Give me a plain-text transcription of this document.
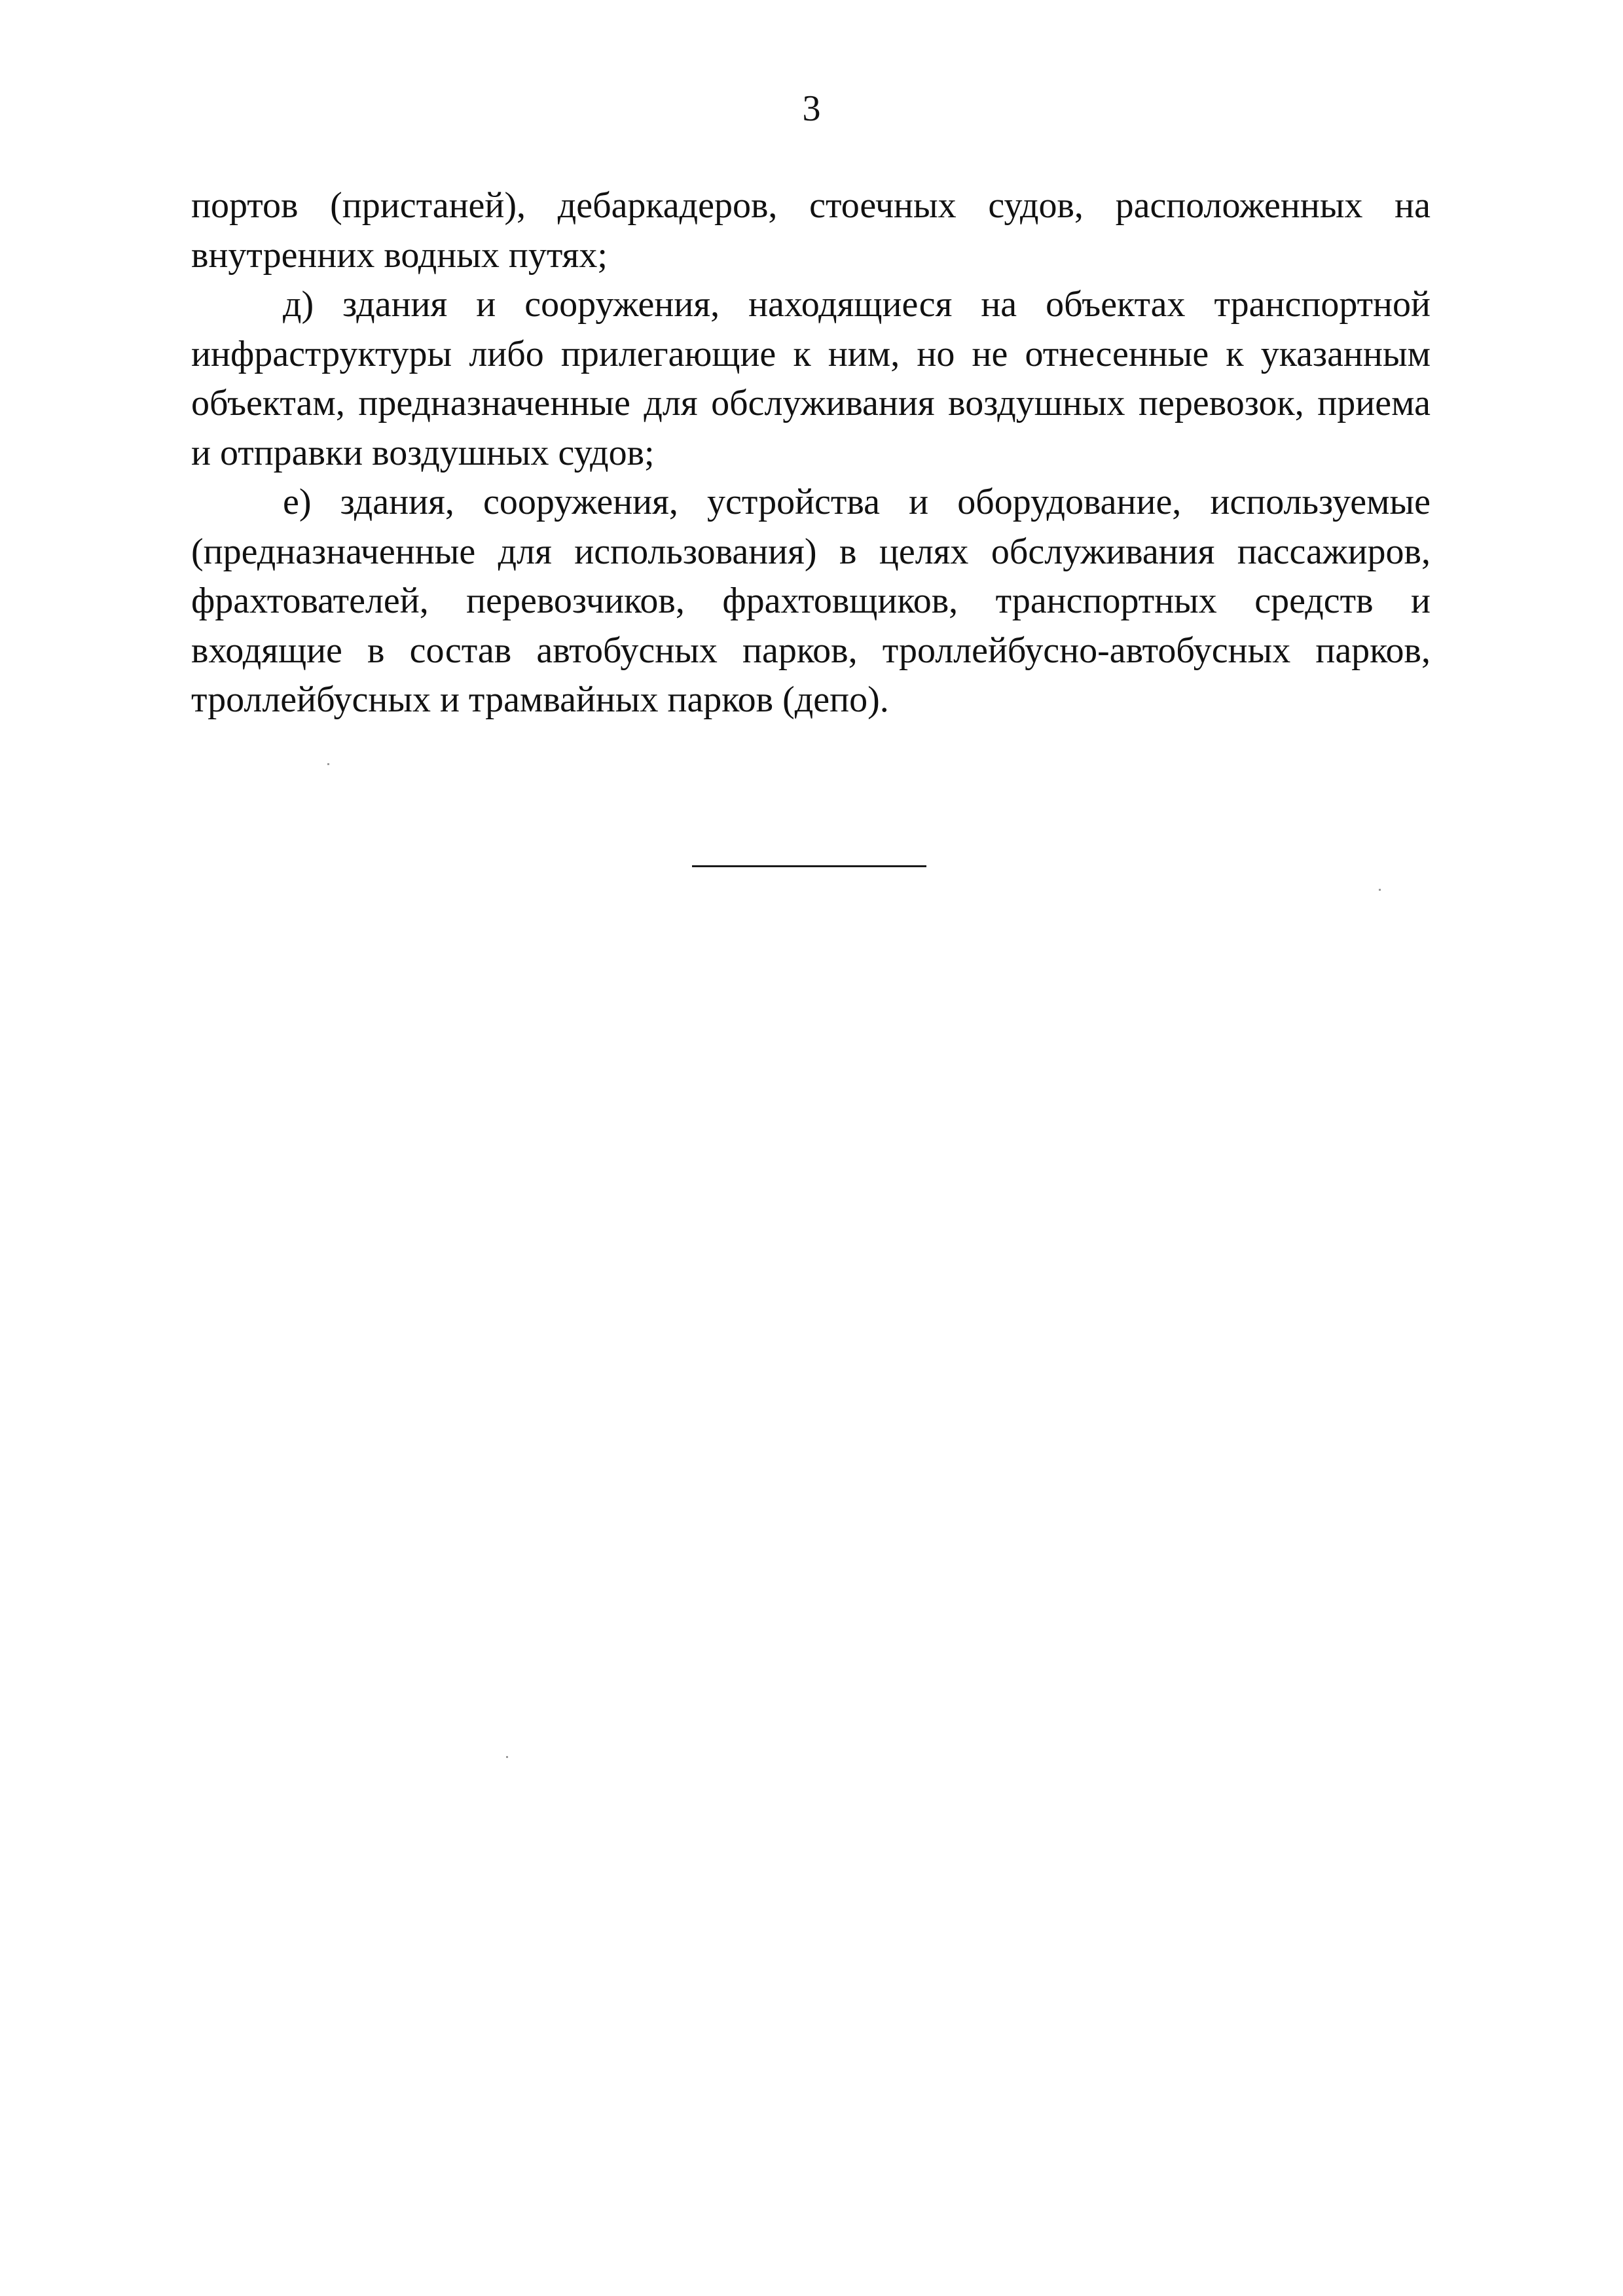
3

портов (пристаней), дебаркадеров, стоечных судов, расположенных на внутренних водных путях;

д) здания и сооружения, находящиеся на объектах транспортной инфраструктуры либо прилегающие к ним, но не отнесенные к указанным объектам, предназначенные для обслуживания воздушных перевозок, приема и отправки воздушных судов;

е) здания, сооружения, устройства и оборудование, используемые (предназначенные для использования) в целях обслуживания пассажиров, фрахтователей, перевозчиков, фрахтовщиков, транспортных средств и входящие в состав автобусных парков, троллейбусно-автобусных парков, троллейбусных и трамвайных парков (депо).
